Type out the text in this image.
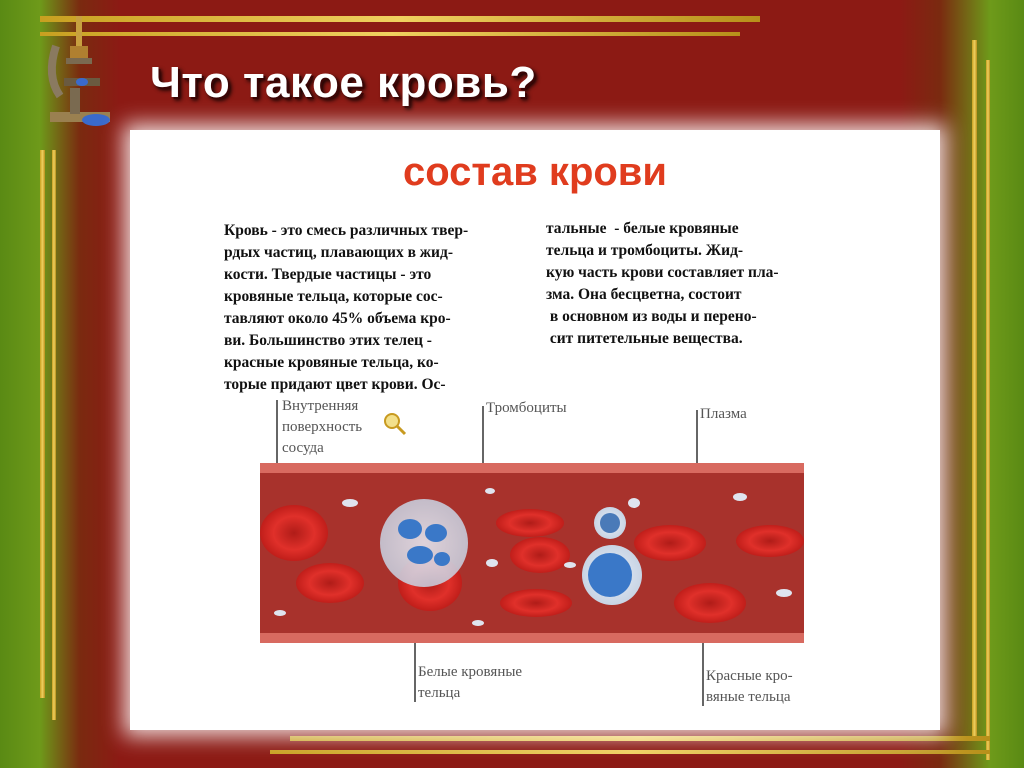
Что такое кровь?
состав крови
Кровь - это смесь различных твер-
рдых частиц, плавающих в жид-
кости. Твердые частицы - это
кровяные тельца, которые сос-
тавляют около 45% объема кро-
ви. Большинство этих телец -
красные кровяные тельца, ко-
торые придают цвет крови. Ос-
тальные  - белые кровяные
тельца и тромбоциты. Жид-
кую часть крови составляет пла-
зма. Она бесцветна, состоит
в основном из воды и перено-
сит питетельные вещества.
Внутренняя
поверхность
сосуда
Тромбоциты	Плазма
Белые кровяные
тельца
Красные кро-
вяные тельца
